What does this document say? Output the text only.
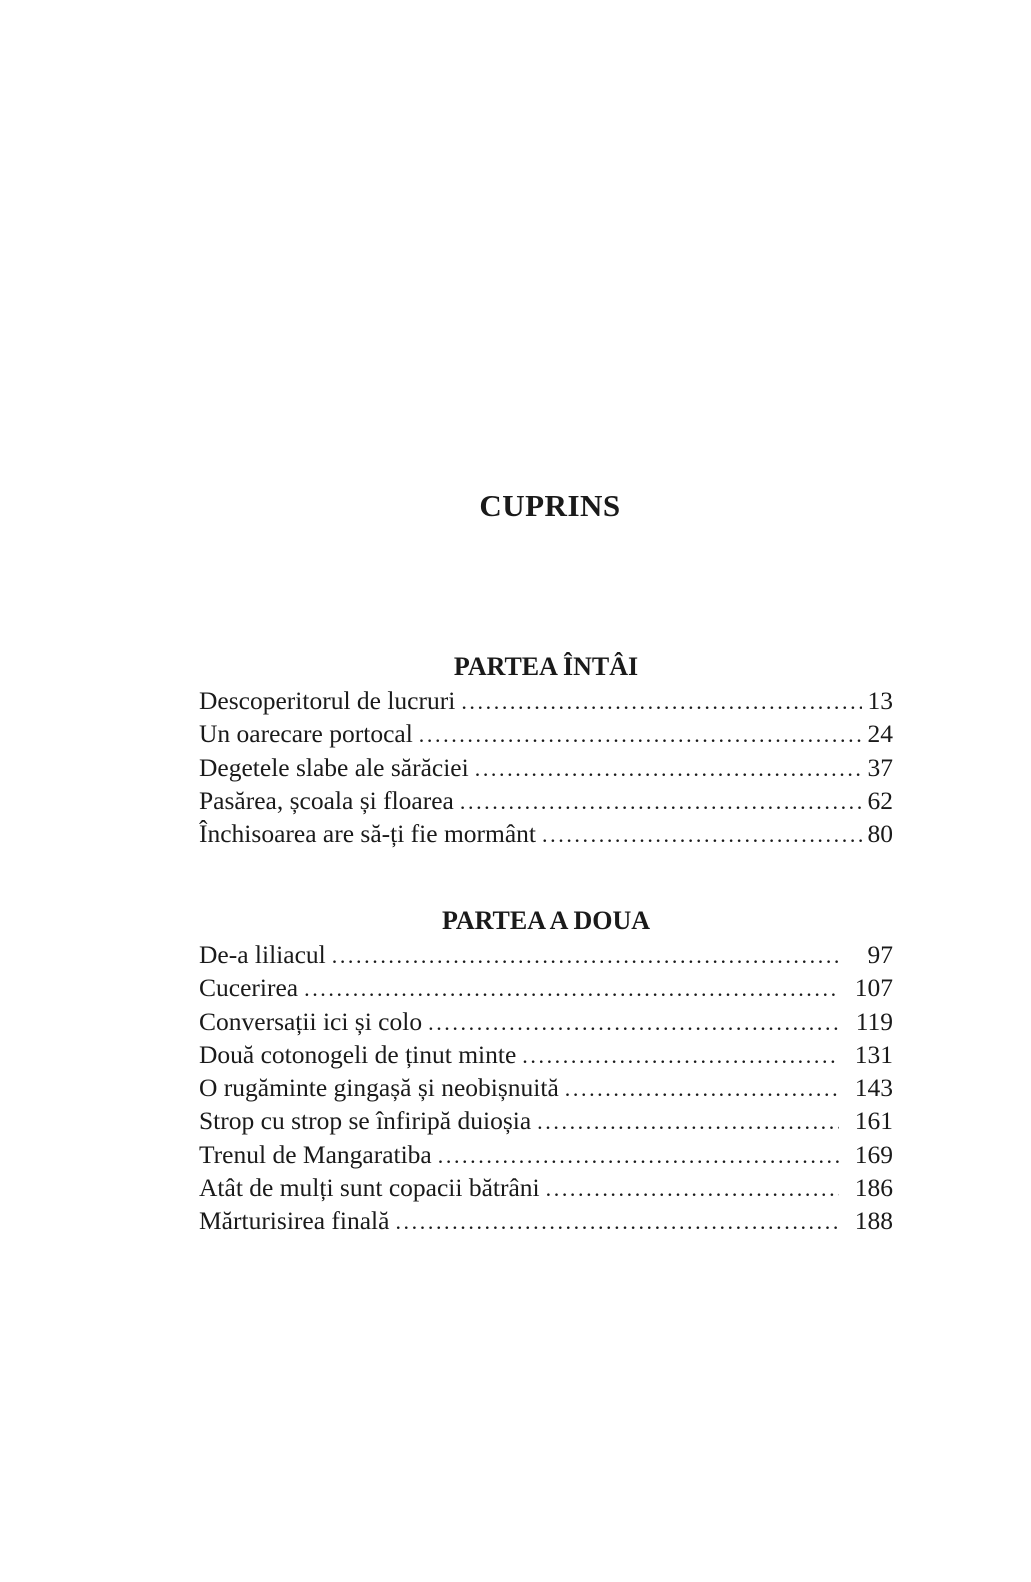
CUPRINS
PARTEA ÎNTÂI
Descoperitorul de lucruri .....	13
Un oarecare portocal .....	24
Degetele slabe ale sărăciei .....	37
Pasărea, școala și floarea .....	62
Închisoarea are să-ți fie mormânt .....	80
PARTEA A DOUA
De-a liliacul .....	97
Cucerirea .....	107
Conversații ici și colo .....	119
Două cotonogeli de ținut minte .....	131
O rugăminte gingașă și neobișnuită .....	143
Strop cu strop se înfiripă duioșia .....	161
Trenul de Mangaratiba .....	169
Atât de mulți sunt copacii bătrâni .....	186
Mărturisirea finală .....	188
